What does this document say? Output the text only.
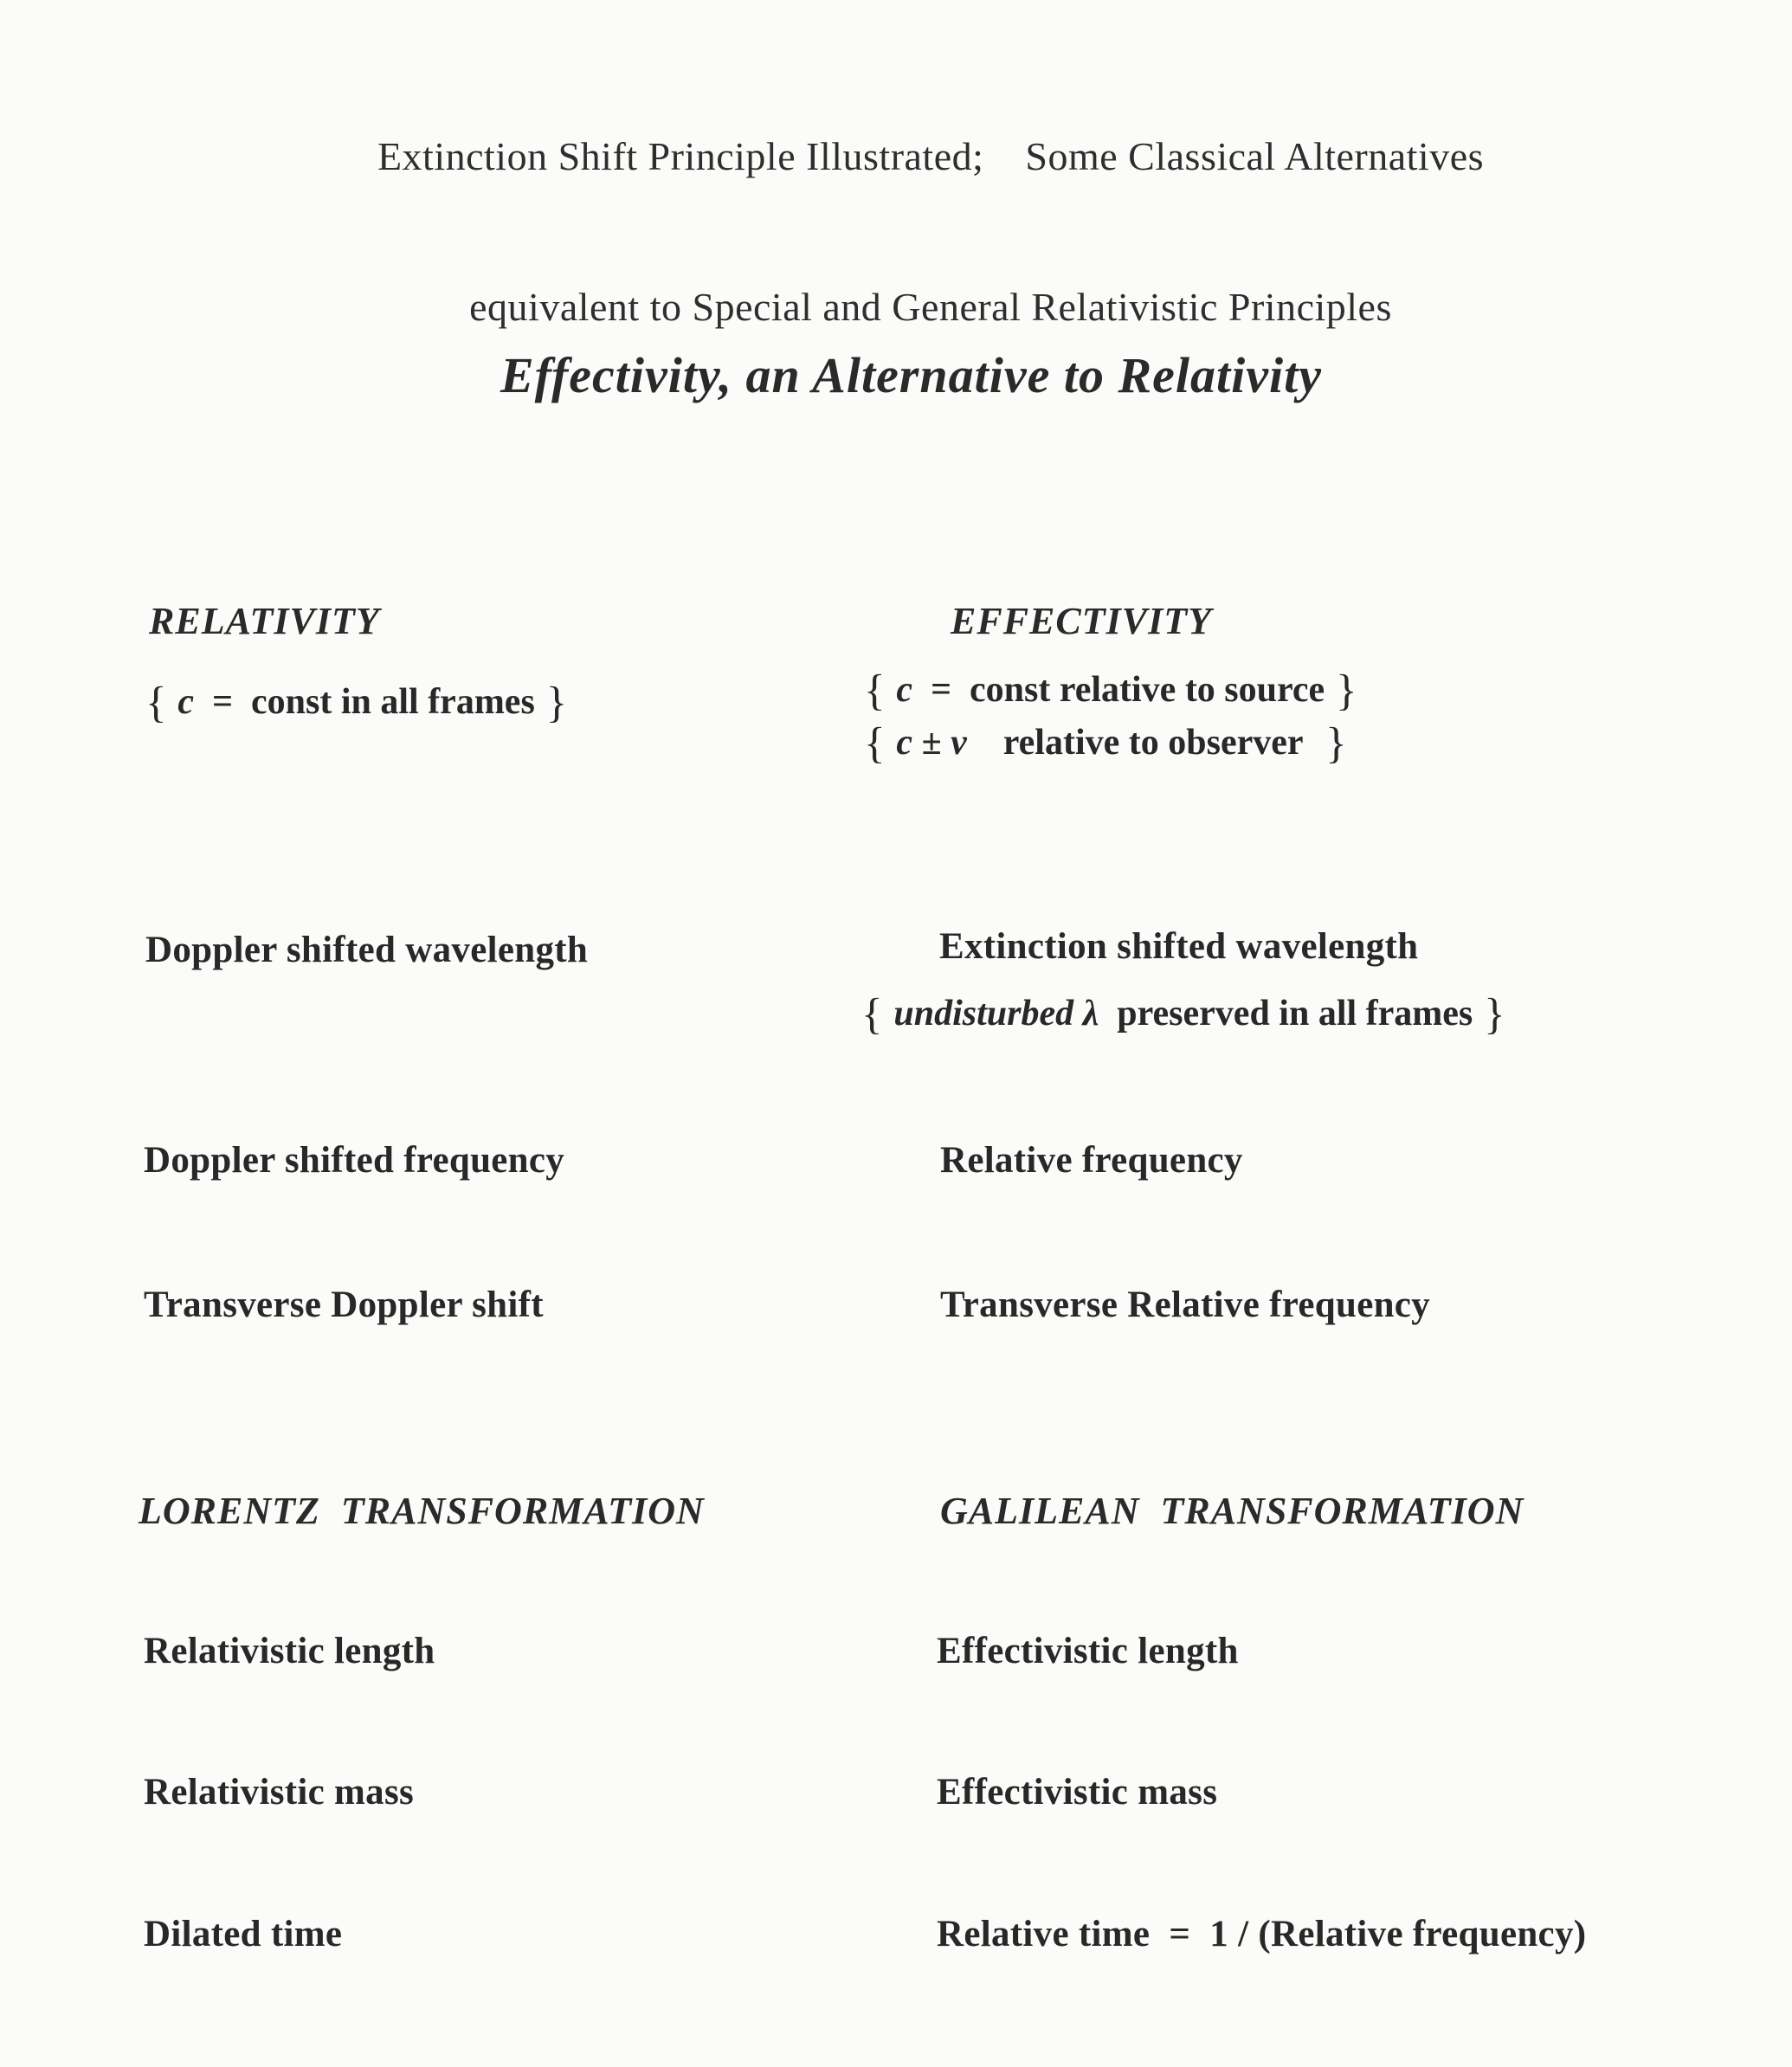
Extinction Shift Principle Illustrated;    Some Classical Alternatives

equivalent to Special and General Relativistic Principles

Effectivity, an Alternative to Relativity
RELATIVITY	EFFECTIVITY
{ c  =  const in all frames }	{ c  =  const relative to source }
{ c ± v relative to observer  }
Doppler shifted wavelength	Extinction shifted wavelength
{ undisturbed λ preserved in all frames }
Doppler shifted frequency	Relative frequency
Transverse Doppler shift	Transverse Relative frequency
LORENTZ  TRANSFORMATION	GALILEAN  TRANSFORMATION
Relativistic length	Effectivistic length
Relativistic mass	Effectivistic mass
Dilated time	Relative time  =  1 / (Relative frequency)
